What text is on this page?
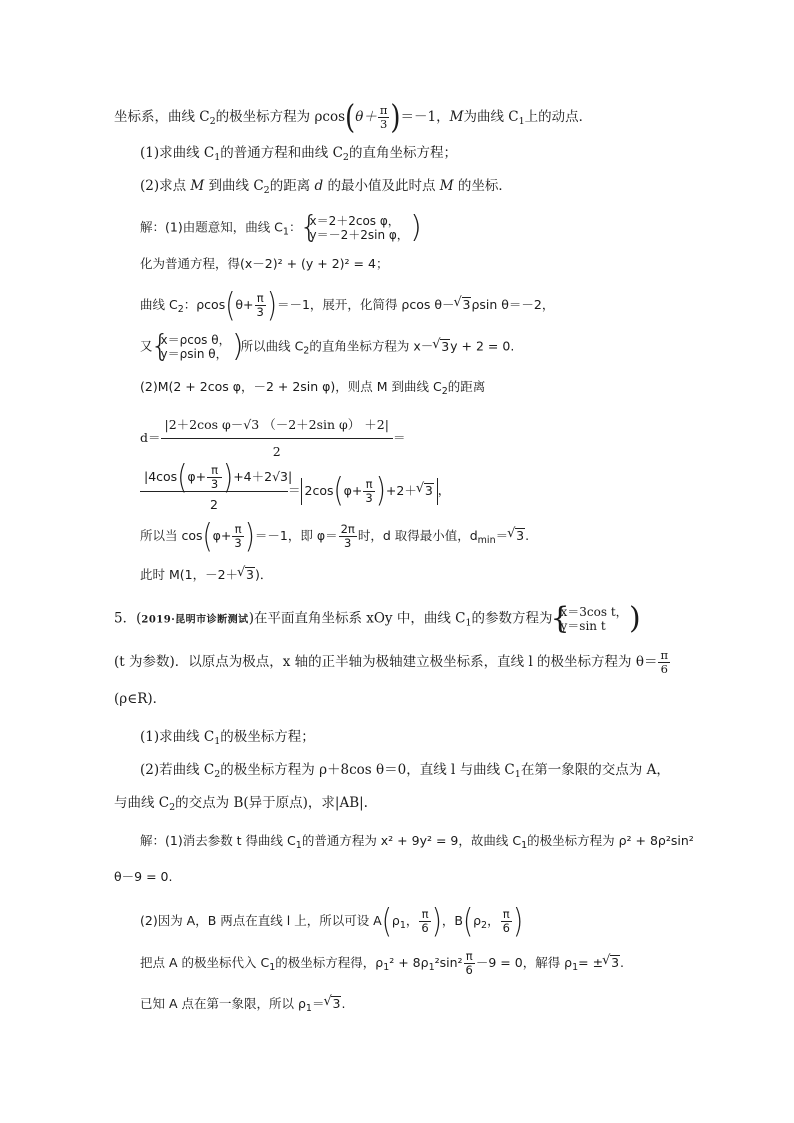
坐标系，曲线 $C_2$的极坐标方程为 $\rho\cos(\theta+ \frac{\pi}{3} )=-1$，M为曲线 $C_1$上的动点．
(1)求曲线 $C_1$的普通方程和曲线 $C_2$的直角坐标方程；
(2)求点 M 到曲线 $C_2$的距离 d 的最小值及此时点 M 的坐标．
解：(1)由题意知，曲线 $C_1$：
{ x＝2＋2cos φ，
y＝－2＋2sin φ，
)
化为普通方程，得(x－2)² + (y + 2)² = 4；
曲线 $C_2$：$\rho\cos(\theta+ \frac{\pi}{3} )=-1$，展开，化简得 ρcos θ－√ 3ρsin θ＝－2，
又
{ x＝ρcos θ，
y＝ρsin θ，
)所以曲线 $C_2$的直角坐标方程为 x－√ 3y + 2 = 0.
(2)M(2 + 2cos φ，－2 + 2sin φ)，则点 M 到曲线 $C_2$的距离
$d= \frac{\text{|2＋2cos φ－√3 （－2＋2sin φ） ＋2|}}{2}$ ＝
$\frac{|4\cos(\varphi+ \frac{\pi}{3} )+4+2√3|}{2} = 2\cos(\varphi+ \frac{\pi}{3} )+2+√$ 3 ，
所以当 $\cos(\varphi+ \frac{\pi}{3} )=-1$，即 $\varphi= \frac{2\pi}{3}$ 时，d 取得最小值，$d_{min}=√$ 3.
此时 M(1，－2＋√ 3)．
5．(2019·昆明市诊断测试)在平面直角坐标系 xOy 中，曲线 $C_1$的参数方程为
{ x＝3cos t，
y＝sin t
)
(t 为参数)．以原点为极点，x 轴的正半轴为极轴建立极坐标系，直线 l 的极坐标方程为 $\theta= \frac{\pi}{6}$
(ρ∈R)．
(1)求曲线 $C_1$的极坐标方程；
(2)若曲线 $C_2$的极坐标方程为 ρ＋8cos θ＝0，直线 l 与曲线 $C_1$在第一象限的交点为 A，
与曲线 $C_2$的交点为 B(异于原点)，求|AB|.
解：(1)消去参数 t 得曲线 $C_1$的普通方程为 x² + 9y² = 9，故曲线 $C_1$的极坐标方程为 ρ² + 8ρ²sin²
θ－9 = 0.
(2)因为 A，B 两点在直线 l 上，所以可设 $A(\rho_1$， $\frac{\pi}{6}$ )，$B(\rho_2$， $\frac{\pi}{6}$ )
把点 A 的极坐标代入 $C_1$的极坐标方程得，$\rho_1^2 + 8\rho_1^2\sin^2 \frac{\pi}{6} -9 = 0$，解得 $\rho_1=$ ±√ 3.
已知 A 点在第一象限，所以 $\rho_1=√$ 3.
